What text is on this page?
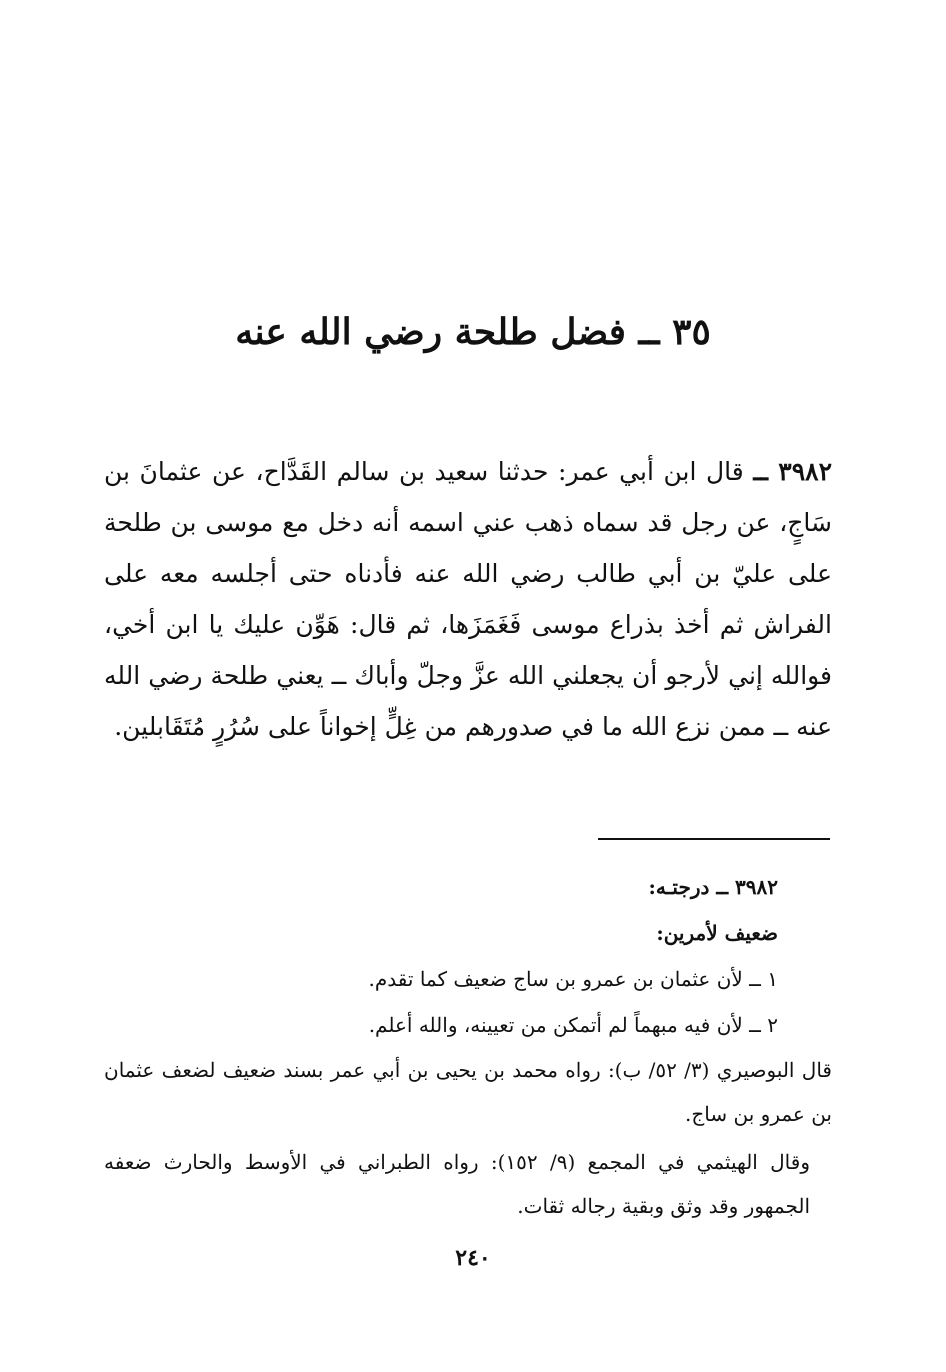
٣٥ ــ فضل طلحة رضي الله عنه
٣٩٨٢ ــ قال ابن أبي عمر: حدثنا سعيد بن سالم القَدَّاح، عن عثمانَ بن سَاجٍ، عن رجل قد سماه ذهب عني اسمه أنه دخل مع موسى بن طلحة على عليّ بن أبي طالب رضي الله عنه فأدناه حتى أجلسه معه على الفراش ثم أخذ بذراع موسى فَغَمَزَها، ثم قال: هَوِّن عليك يا ابن أخي، فوالله إني لأرجو أن يجعلني الله عزَّ وجلّ وأباك ــ يعني طلحة رضي الله عنه ــ ممن نزع الله ما في صدورهم من غِلٍّ إخواناً على سُرُرٍ مُتَقَابلين.
٣٩٨٢ ــ درجتـه:
ضعيف لأمرين:
١ ــ لأن عثمان بن عمرو بن ساج ضعيف كما تقدم.
٢ ــ لأن فيه مبهماً لم أتمكن من تعيينه، والله أعلم.
قال البوصيري (٣/ ٥٢/ ب): رواه محمد بن يحيى بن أبي عمر بسند ضعيف لضعف عثمان بن عمرو بن ساج.
وقال الهيثمي في المجمع (٩/ ١٥٢): رواه الطبراني في الأوسط والحارث ضعفه الجمهور وقد وثق وبقية رجاله ثقات.
٢٤٠
